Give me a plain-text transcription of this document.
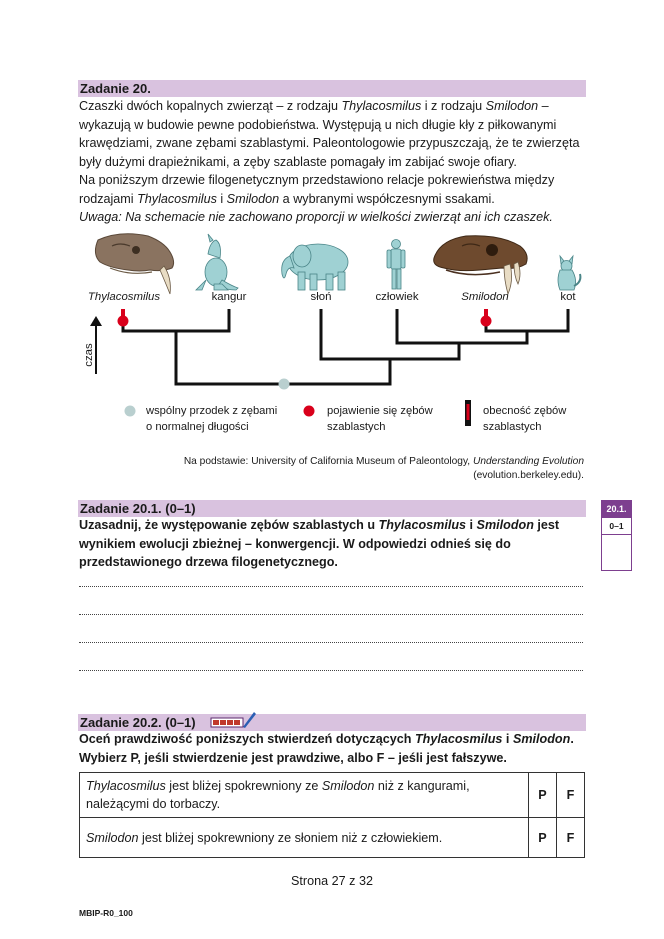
Zadanie 20.
Czaszki dwóch kopalnych zwierząt – z rodzaju Thylacosmilus i z rodzaju Smilodon –
wykazują w budowie pewne podobieństwa. Występują u nich długie kły z piłkowanymi
krawędziami, zwane zębami szablastymi. Paleontologowie przypuszczają, że te zwierzęta
były dużymi drapieżnikami, a zęby szablaste pomagały im zabijać swoje ofiary.
Na poniższym drzewie filogenetycznym przedstawiono relacje pokrewieństwa między
rodzajami Thylacosmilus i Smilodon a wybranymi współczesnymi ssakami.
Uwaga: Na schemacie nie zachowano proporcji w wielkości zwierząt ani ich czaszek.
Thylacosmilus	kangur	słoń	człowiek	Smilodon	kot
czas
wspólny przodek z zębami
o normalnej długości
pojawienie się zębów
szablastych
obecność zębów
szablastych
Na podstawie: University of California Museum of Paleontology, Understanding Evolution
(evolution.berkeley.edu).
Zadanie 20.1. (0–1)
Uzasadnij, że występowanie zębów szablastych u Thylacosmilus i Smilodon jest
wynikiem ewolucji zbieżnej – konwergencji. W odpowiedzi odnieś się do
przedstawionego drzewa filogenetycznego.
20.1.
0–1
Zadanie 20.2. (0–1)
Oceń prawdziwość poniższych stwierdzeń dotyczących Thylacosmilus i Smilodon.
Wybierz P, jeśli stwierdzenie jest prawdziwe, albo F – jeśli jest fałszywe.
Thylacosmilus jest bliżej spokrewniony ze Smilodon niż z kangurami,
należącymi do torbaczy.	P	F
Smilodon jest bliżej spokrewniony ze słoniem niż z człowiekiem.	P	F
Strona 27 z 32
MBIP-R0_100
